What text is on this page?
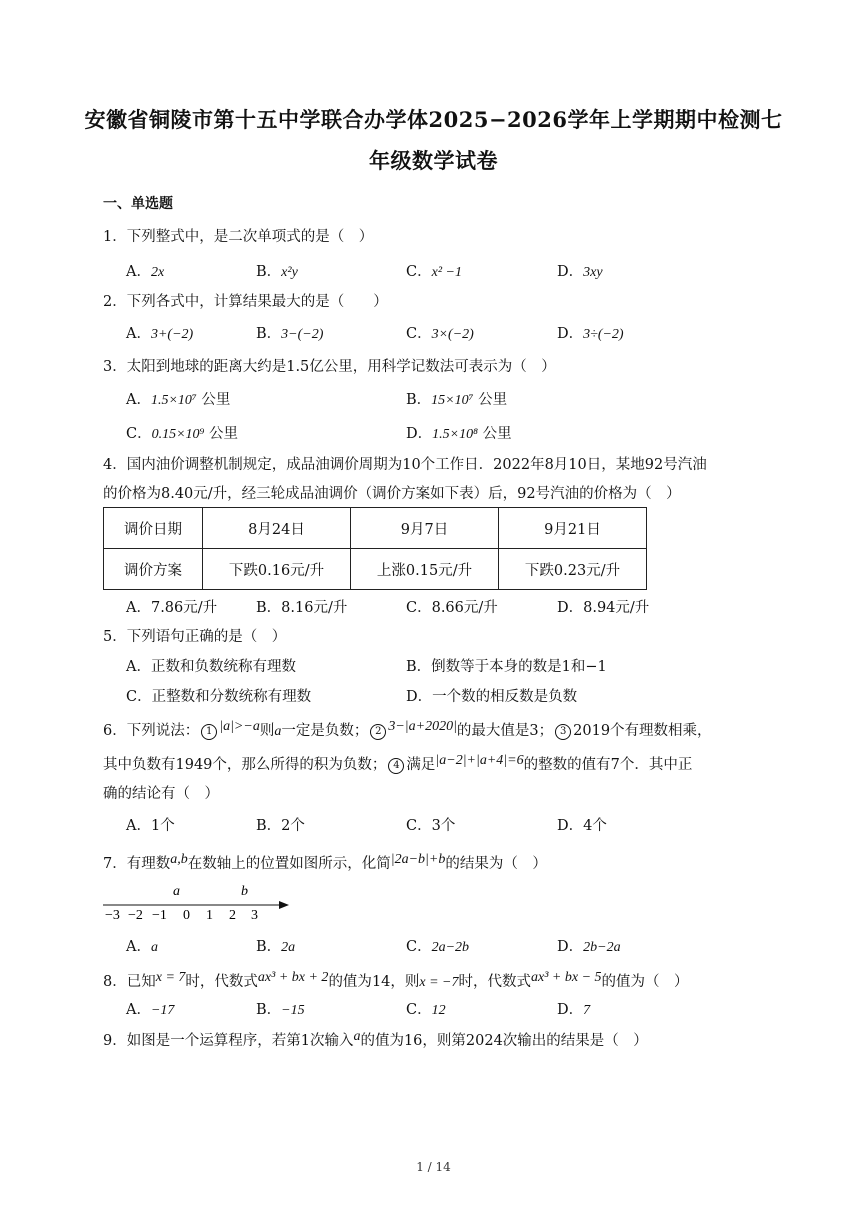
安徽省铜陵市第十五中学联合办学体2025−2026学年上学期期中检测七
年级数学试卷
一、单选题
1．下列整式中，是二次单项式的是（　）
A．2x	B．x²y	C．x² −1	D．3xy
2．下列各式中，计算结果最大的是（　　）
A．3+(−2)	B．3−(−2)	C．3×(−2)	D．3÷(−2)
3．太阳到地球的距离大约是1.5亿公里，用科学记数法可表示为（　）
A．1.5×10⁷ 公里	B．15×10⁷ 公里
C．0.15×10⁹ 公里	D．1.5×10⁸ 公里
4．国内油价调整机制规定，成品油调价周期为10个工作日．2022年8月10日，某地92号汽油
的价格为8.40元/升，经三轮成品油调价（调价方案如下表）后，92号汽油的价格为（　）
调价日期	8月24日	9月7日	9月21日
调价方案	下跌0.16元/升	上涨0.15元/升	下跌0.23元/升
A．7.86元/升	B．8.16元/升	C．8.66元/升	D．8.94元/升
5．下列语句正确的是（　）
A．正数和负数统称有理数	B．倒数等于本身的数是1和−1
C．正整数和分数统称有理数	D．一个数的相反数是负数
6．下列说法： 1 |a|>−a则a一定是负数； 2 3−|a+2020|的最大值是3； 3 2019个有理数相乘，
其中负数有1949个，那么所得的积为负数； 4 满足|a−2|+|a+4|=6的整数的值有7个．其中正
确的结论有（　）
A．1个	B．2个	C．3个	D．4个
7．有理数a,b在数轴上的位置如图所示，化简|2a−b|+b的结果为（　）
a	b
−3 −2 −1 0 1 2 3
A．a	B．2a	C．2a−2b	D．2b−2a
8．已知x = 7时，代数式ax³ + bx + 2的值为14，则x = −7时，代数式ax³ + bx − 5的值为（　）
A．−17	B．−15	C．12	D．7
9．如图是一个运算程序，若第1次输入a的值为16，则第2024次输出的结果是（　）
1 / 14
